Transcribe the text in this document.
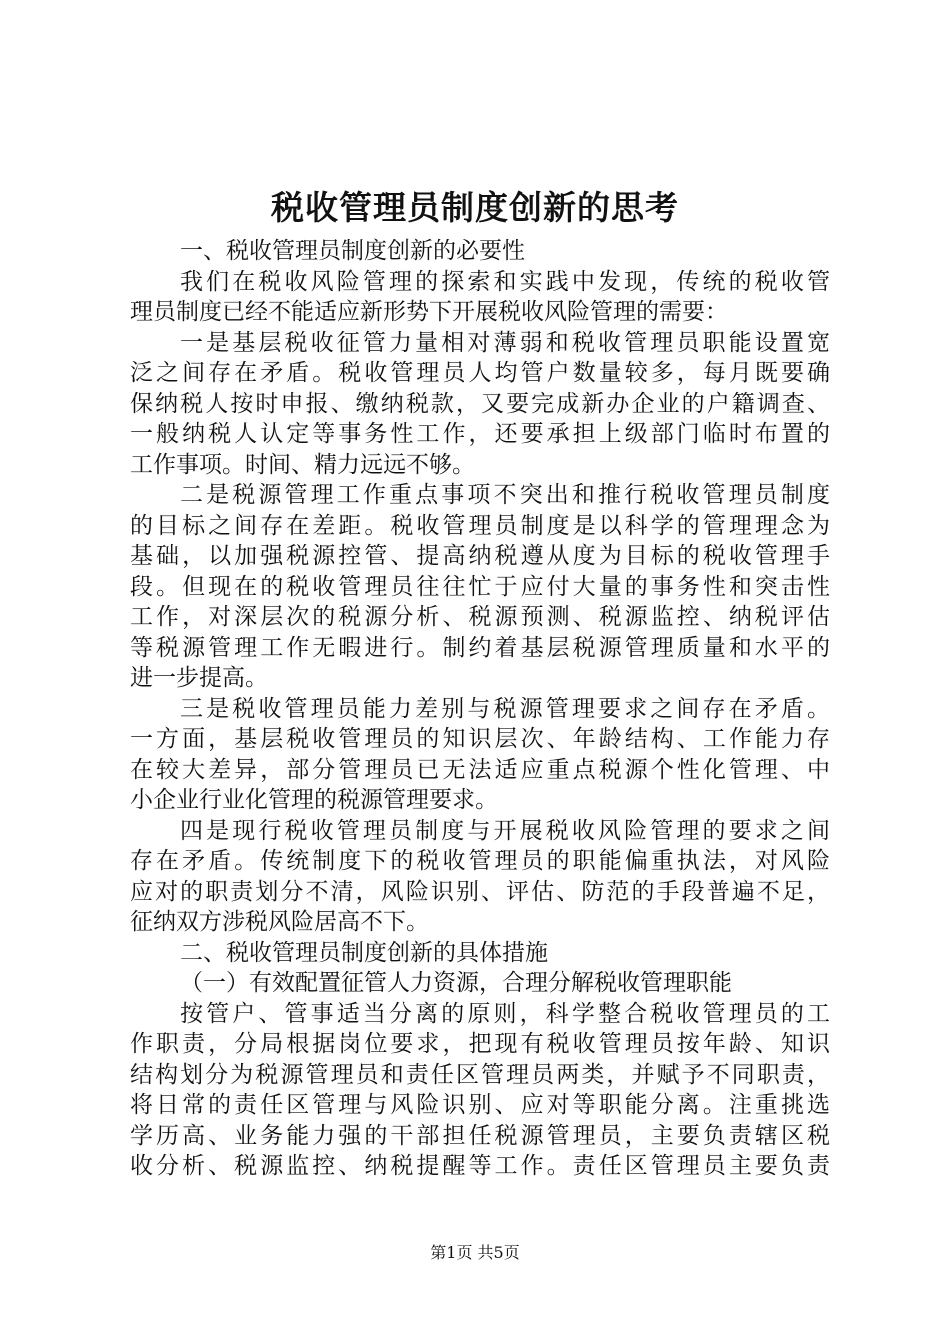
税收管理员制度创新的思考
一、税收管理员制度创新的必要性
我们在税收风险管理的探索和实践中发现，传统的税收管
理员制度已经不能适应新形势下开展税收风险管理的需要：
一是基层税收征管力量相对薄弱和税收管理员职能设置宽
泛之间存在矛盾。税收管理员人均管户数量较多，每月既要确
保纳税人按时申报、缴纳税款，又要完成新办企业的户籍调查、
一般纳税人认定等事务性工作，还要承担上级部门临时布置的
工作事项。时间、精力远远不够。
二是税源管理工作重点事项不突出和推行税收管理员制度
的目标之间存在差距。税收管理员制度是以科学的管理理念为
基础，以加强税源控管、提高纳税遵从度为目标的税收管理手
段。但现在的税收管理员往往忙于应付大量的事务性和突击性
工作，对深层次的税源分析、税源预测、税源监控、纳税评估
等税源管理工作无暇进行。制约着基层税源管理质量和水平的
进一步提高。
三是税收管理员能力差别与税源管理要求之间存在矛盾。
一方面，基层税收管理员的知识层次、年龄结构、工作能力存
在较大差异，部分管理员已无法适应重点税源个性化管理、中
小企业行业化管理的税源管理要求。
四是现行税收管理员制度与开展税收风险管理的要求之间
存在矛盾。传统制度下的税收管理员的职能偏重执法，对风险
应对的职责划分不清，风险识别、评估、防范的手段普遍不足，
征纳双方涉税风险居高不下。
二、税收管理员制度创新的具体措施
（一）有效配置征管人力资源，合理分解税收管理职能
按管户、管事适当分离的原则，科学整合税收管理员的工
作职责，分局根据岗位要求，把现有税收管理员按年龄、知识
结构划分为税源管理员和责任区管理员两类，并赋予不同职责，
将日常的责任区管理与风险识别、应对等职能分离。注重挑选
学历高、业务能力强的干部担任税源管理员，主要负责辖区税
收分析、税源监控、纳税提醒等工作。责任区管理员主要负责
第1页 共5页
